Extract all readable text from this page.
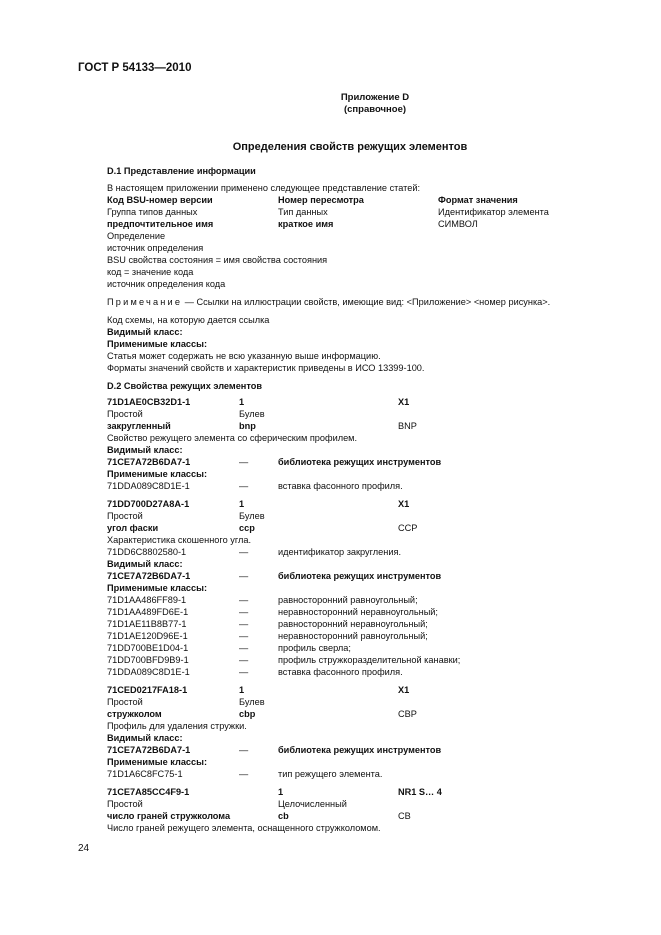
ГОСТ Р 54133—2010
Приложение D
(справочное)
Определения свойств режущих элементов
D.1 Представление информации
В настоящем приложении применено следующее представление статей:
Код BSU-номер версии	Номер пересмотра	Формат значения
Группа типов данных	Тип данных	Идентификатор элемента
предпочтительное имя	краткое имя	СИМВОЛ
Определение
источник определения
BSU свойства состояния = имя свойства состояния
код = значение кода
источник определения кода
Примечание — Ссылки на иллюстрации свойств, имеющие вид: <Приложение> <номер рисунка>.
Код схемы, на которую дается ссылка
Видимый класс:
Применимые классы:
Статья может содержать не всю указанную выше информацию.
Форматы значений свойств и характеристик приведены в ИСО 13399-100.
D.2 Свойства режущих элементов
71D1AE0CB32D1-1	1	X1
Простой	Булев
закругленный	bnp	BNP
Свойство режущего элемента со сферическим профилем.
Видимый класс:
71CE7A72B6DA7-1	—	библиотека режущих инструментов
Применимые классы:
71DDA089C8D1E-1	—	вставка фасонного профиля.
71DD700D27A8A-1	1	X1
Простой	Булев
угол фаски	ccp	CCP
Характеристика скошенного угла.
71DD6C8802580-1	—	идентификатор закругления.
Видимый класс:
71CE7A72B6DA7-1	—	библиотека режущих инструментов
Применимые классы:
71D1AA486FF89-1	—	равносторонний равноугольный;
71D1AA489FD6E-1	—	неравносторонний неравноугольный;
71D1AE11B8B77-1	—	равносторонний неравноугольный;
71D1AE120D96E-1	—	неравносторонний равноугольный;
71DD700BE1D04-1	—	профиль сверла;
71DD700BFD9B9-1	—	профиль стружкоразделительной канавки;
71DDA089C8D1E-1	—	вставка фасонного профиля.
71CED0217FA18-1	1	X1
Простой	Булев
стружколом	cbp	CBP
Профиль для удаления стружки.
Видимый класс:
71CE7A72B6DA7-1	—	библиотека режущих инструментов
Применимые классы:
71D1A6C8FC75-1	—	тип режущего элемента.
71CE7A85CC4F9-1	1	NR1 S… 4
Простой	Целочисленный
число граней стружколома	cb	CB
Число граней режущего элемента, оснащенного стружколомом.
24
